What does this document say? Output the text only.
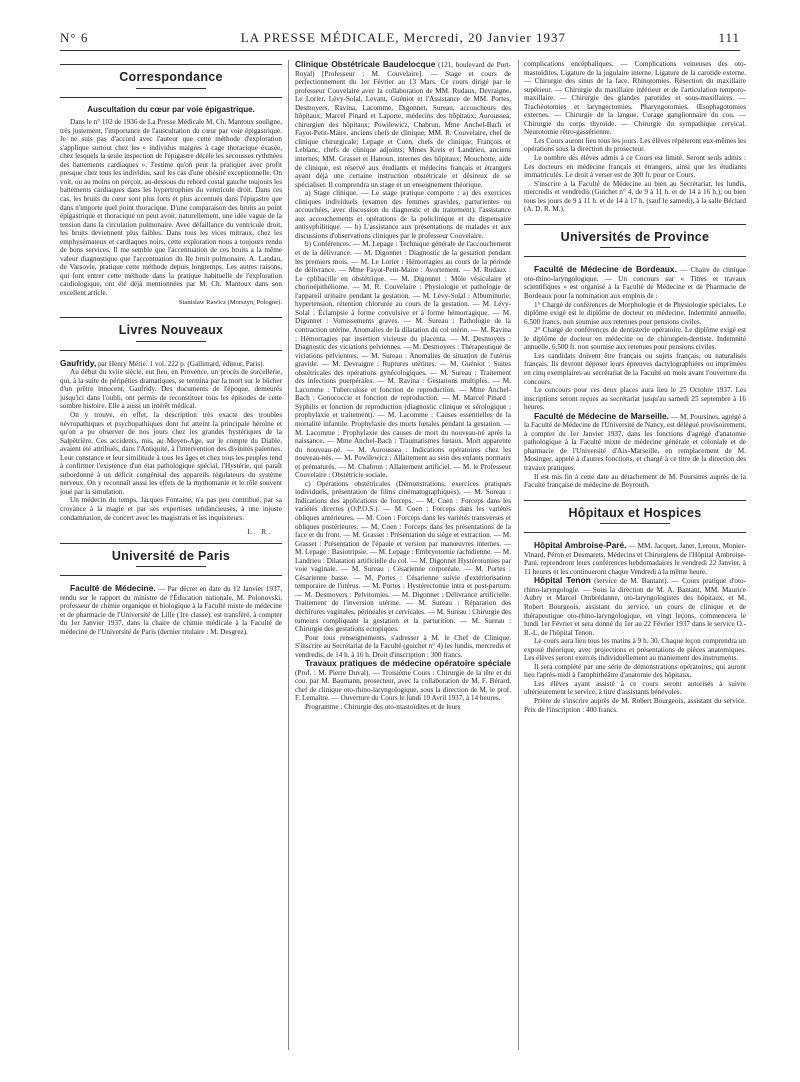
N° 6	LA PRESSE MÉDICALE, Mercredi, 20 Janvier 1937	111
Correspondance
Auscultation du cœur par voie épigastrique.

Dans le n° 102 de 1936 de La Presse Médicale M. Ch. Mantoux souligne, très justement, l'importance de l'auscultation du cœur par voie épigastrique. Je ne suis pas d'accord avec l'auteur que cette méthode d'exploration s'applique surtout chez les « individus maigres à cage thoracique évasée, chez lesquels la seule inspection de l'épigastre décèle les secousses rythmées des battements cardiaques ». J'estime qu'on peut la pratiquer avec profit presque chez tous les individus, sauf les cas d'une obésité exceptionnelle. On voit, ou au moins on perçoit, au-dessous du rebord costal gauche toujours les battements cardiaques dans les hypertrophies du ventricule droit. Dans ces cas, les bruits du cœur sont plus forts et plus accentués dans l'épigastre que dans n'importe quel point thoracique. D'une comparaison des bruits au point épigastrique et thoracique on peut avoir, naturellement, une idée vague de la tension dans la circulation pulmonaire. Avec défaillance du ventricule droit, les bruits deviennent plus faibles. Dans tous les vices mitraux, chez les emphysémateux et cardiaques noirs, cette exploration nous a toujours rendu de bons services. Il me semble que l'accentuation de ces bruits a la même valeur diagnostique que l'accentuation du IIe bruit pulmonaire. A. Landau, de Varsovie, pratique cette méthode depuis longtemps. Les autres raisons, qui font entrer cette méthode dans la pratique habituelle de l'exploration cardiologique, ont été déjà mentionnées par M. Ch. Mantoux dans son excellent article.

Stanislaw Rawicz (Morszyn, Pologne).
Livres Nouveaux

Gaufridy, par Henry Mérie. 1 vol. 222 p. (Gallimard, éditeur, Paris).

Au début du xviie siècle, eut lieu, en Provence, un procès de sorcellerie, qui, à la suite de péripéties dramatiques, se termina par la mort sur le bûcher d'un prêtre innocent, Gaufridy. Des documents de l'époque, demeurés jusqu'ici dans l'oubli, ont permis de reconstituer tous les épisodes de cette sombre histoire. Elle a aussi un intérêt médical.

On y trouve, en effet, la description très exacte des troubles névropathiques et psychopathiques dont fut atteint la principale héroïne et qu'on a pu observer de nos jours chez les grandes hystériques de la Salpêtrière. Ces accidents, mis, au Moyen-Age, sur le compte du Diable, avaient été attribués, dans l'Antiquité, à l'intervention des divinités païennes. Leur constance et leur similitude à tous les âges et chez tous les peuples tend à confirmer l'existence d'un état pathologique spécial, l'Hystérie, qui paraît subordonné à un déficit congénital des appareils régulateurs du système nerveux. On y reconnaît aussi les effets de la mythomanie et le rôle souvent joué par la simulation.

Un médecin du temps, Jacques Fontaine, n'a pas peu contribué, par sa croyance à la magie et par ses expertises tendancieuses, à une injuste condamnation, de concert avec les magistrats et les inquisiteurs.

L. R.
Université de Paris

Faculté de Médecine. — Par décret en date du 12 Janvier 1937, rendu sur le rapport du ministre de l'Éducation nationale, M. Polonovski, professeur de chimie organique et biologique à la Faculté mixte de médecine et de pharmacie de l'Université de Lille (1re classe), est transféré, à compter du 1er Janvier 1937, dans la chaire de chimie médicale à la Faculté de médecine de l'Université de Paris (dernier titulaire : M. Desgrez).

Clinique Obstétricale Baudelocque (121, boulevard de Port-Royal) [Professeur : M. Couvelaire]. — Stage et cours de perfectionnement du 1er Février au 13 Mars. Ce cours dirigé par le professeur Couvelaire avec la collaboration de MM. Rudaux, Devraigne, Le Lorier, Lévy-Solal, Levant, Guéniot et l'Assistance de MM. Portes, Desmoyers, Ravina, Lacomme, Digonnet, Sureau, accoucheurs des hôpitaux; Marcel Pinard et Laporte, médecins des hôpitaux; Auroussea, chirurgien des hôpitaux; Powilewicz, Chabrun, Mme Anchel-Bach et Fayot-Petit-Maire, anciens chefs de clinique; MM. R. Couvelaire, chef de clinique chirurgicale; Lepage et Coen, chefs de clinique; François et Leblanc, chefs de clinique adjoints; Mmes Kreis et Landrieu, anciens internes; MM. Grasset et Hanoun, internes des hôpitaux; Mouchotte, aide de clinique, est réservé aux étudiants et médecins français et étrangers ayant déjà une certaine instruction obstétricale et désireux de se spécialiser. Il comprendra un stage et un enseignement théorique.

a) Stage clinique. — Le stage pratique comporte : a) des exercices cliniques individuels (examen des femmes gravides, parturientes ou accouchées, avec discussion du diagnostic et du traitement); l'assistance aux accouchements et opérations de la policlinique et du dispensaire antisyphilitique. — b) L'assistance aux présentations de malades et aux discussions d'observations cliniques par le professeur Couvelaire.

b) Conférences. — M. Lepage : Technique générale de l'accouchement et de la délivrance. — M. Digonnet : Diagnostic de la gestation pendant les premiers mois. — M. Le Lorier : Hémorragies au cours de la période de délivrance. — Mme Fayot-Petit-Maire : Avortement. — M. Rudaux : Le cplibacille en obstétrique. — M. Digonnet : Môle vésiculaire et chorioépithéliome. — M. R. Couvelaire : Physiologie et pathologie de l'appareil urinaire pendant la gestation. — M. Lévy-Solal : Albuminurie; hypertension, rétention chlorurée au cours de la gestation. — M. Lévy-Solal : Éclampsie à forme convulsive et à forme hémorragique. — M. Digonnet : Vomissements graves. — M. Sureau : Pathologie de la contraction utérine. Anomalies de la dilatation du col utérin. — M. Ravina : Hémorragies par insertion vicieuse du placenta. — M. Desmoyers : Diagnostic des viciations pelviennes. — M. Desmoyers : Thérapeutique de viciations pelviennes. — M. Sureau : Anomalies de situation de l'utérus gravide. — M. Devraigne : Ruptures utérines. — M. Guéniot : Suites obstétricales des opérations gynécologiques. — M. Sureau : Traitement des infections puerpérales. — M. Ravina : Gestations multiples. — M. Lacomme : Tuberculose et fonction de reproduction. — Mme Anchel-Bach : Gonococcie et fonction de reproduction. — M. Marcel Pinard : Syphilis et fonction de reproduction (diagnostic clinique et sérologique ; prophylaxie et traitement). — M. Lacomme : Causes essentielles de la mortalité infantile. Prophylaxie des morts fœtales pendant la gestation. — M. Lacomme : Prophylaxie des causes de mort du nouveau-né après la naissance. — Mme Anchel-Bach : Traumatismes fœtaux. Mort apparente du nouveau-né. — M. Auroussea : Indications opératoires chez les nouveau-nés. — M. Powilewicz : Allaitement au sein des enfants normaux et prématurés. — M. Chabrun : Allaitement artificiel. — M. le Professeur Couvelaire : Obstétricie sociale.

c) Opérations obstétricales (Démonstrations, exercices pratiques individuels, présentation de films cinématographiques). — M. Sureau : Indications des applications de forceps. — M. Coen : Forceps dans les variétés directes (O.P.O.S.). — M. Coen : Forceps dans les variétés obliques antérieures. — M. Coen : Forceps dans les variétés transverses et obliques postérieures. — M. Coen : Forceps dans les présentations de la face et du front. — M. Grasset : Présentation du siège et extraction. — M. Grasset : Présentation de l'épaule et version par manœuvres internes. — M. Lepage : Basiotripsie. — M. Lepage : Embryotomie rachidienne. — M. Landrieu : Dilatation artificielle du col. — M. Digonnet Hystérotomies par voie vaginale. — M. Sureau : Césarienne corporéale. — M. Portes : Césarienne basse. — M. Portes : Césarienne suivie d'extériorisation temporaire de l'utérus. — M. Portes : Hystérectomie intra et post-partum. — M. Desmoyers : Pelvitomies. — M. Digonnet : Délivrance artificielle. Traitement de l'inversion utérine. — M. Sureau : Réparation des déchirures vaginales, périnéales et cervicales. — M. Sureau : Chirurgie des tumeurs compliquant la gestation et la parturition. — M. Sureau : Chirurgie des gestations ectopiques.

Pour tous renseignements, s'adresser à M. le Chef de Clinique. S'inscrire au Secrétariat de la Faculté (guichet n° 4) les lundis, mercredis et vendredis, de 14 h. à 16 h. Droit d'inscription : 300 francs.

Travaux pratiques de médecine opératoire spéciale (Prof. : M. Pierre Duval). — Troisième Cours : Chirurgie de la tête et du cou, par M. Baumann, prosecteur, avec la collaboration de M. F. Bérard, chef de clinique oto-rhino-laryngologique, sous la direction de M. le prof. F. Lemaître. — Ouverture du Cours le lundi 19 Avril 1937, à 14 heures.

Programme : Chirurgie des oto-mastoïdites et de leurs

complications encéphaliques. — Complications veineuses des oto-mastoïdites. Ligature de la jugulaire interne. Ligature de la carotide externe. — Chirurgie des sinus de la face. Rhinotomies. Résection du maxillaire supérieur. — Chirurgie du maxillaire inférieur et de l'articulation temporo-maxillaire. — Chirurgie des glandes parotides et sous-maxillaires. — Trachéotomies et laryngectomies. Pharyngotomies. Œsophagotomies externes. — Chirurgie de la langue. Curage ganglionnaire du cou. — Chirurgie du corps thyroïde. — Chirurgie du sympathique cervical. Neurotomie rétro-gassérienne.

Les Cours auront lieu tous les jours. Les élèves répéteront eux-mêmes les opérations sous la direction du prosecteur.

Le nombre des élèves admis à ce Cours est limité. Seront seuls admis : Les docteurs en médecine français et étrangers, ainsi que les étudiants immatriculés. Le droit à verser est de 300 fr. pour ce Cours.

S'inscrire à la Faculté de Médecine au bien au Secrétariat, les lundis, mercredis et vendredis (Guichet n° 4, de 9 à 11 h. et de 14 à 16 h.); ou bien tous les jours de 9 à 11 h. et de 14 à 17 h. (sauf le samedi), à la salle Béclard (A. D. R. M.).

Universités de Province

Faculté de Médecine de Bordeaux. — Chaire de clinique oto-rhino-laryngologique. — Un concours sur « Titres et travaux scientifiques » est organisé à la Faculté de Médecine et de Pharmacie de Bordeaux pour la nomination aux emplois de :

1° Chargé de conférences de Morphologie et de Physiologie spéciales. Le diplôme exigé est le diplôme de docteur en médecine. Indemnité annuelle, 6.500 francs, non soumise aux retenues pour pensions civiles.

2° Chargé de conférences de dentisterie opératoire. Le diplôme exigé est le diplôme de docteur en médecine ou de chirurgien-dentiste. Indemnité annuelle, 6.500 fr. non soumise aux retenues pour pensions civiles.

Les candidats doivent être français ou sujets français, ou naturalisés français. Ils devront déposer leurs épreuves dactylographiées ou imprimées en cinq exemplaires au secrétariat de la Faculté un mois avant l'ouverture du concours.

Le concours pour ces deux places aura lieu le 25 Octobre 1937. Les inscriptions seront reçues au secrétariat jusqu'au samedi 25 septembre à 16 heures.

Faculté de Médecine de Marseille. — M. Poursines, agrégé à la Faculté de Médecine de l'Université de Nancy, est délégué provisoirement, à compter du 1er Janvier 1937, dans les fonctions d'agrégé d'anatomie pathologique à la Faculté mixte de médecine générale et coloniale et de pharmacie de l'Université d'Aix-Marseille, en remplacement de M. Mosinger, appelé à d'autres fonctions, et chargé à ce titre de la direction des travaux pratiques.

Il est mis fin à cette date au détachement de M. Poursines auprès de la Faculté française de médecine de Beyrouth.

Hôpitaux et Hospices

Hôpital Ambroise-Paré. — MM. Jacquet, Janet, Leroux, Monier-Vinard, Péron et Desmarets, Médecins et Chirurgiens de l'Hôpital Ambroise-Paré, reprendront leurs conférences hebdomadaires le vendredi 22 Janvier, à 11 heures et les continueront chaque Vendredi à la même heure.

Hôpital Tenon (service de M. Bantant). — Cours pratique d'oto-rhino-laryngologie. — Sous la direction de M. A. Bantant, MM. Maurice Aubry et Marcel Ombrédanne, oto-laryngologistes des hôpitaux, et M. Robert Bourgeois, assistant du service, un cours de clinique et de thérapeutique oto-rhino-laryngologique, en vingt leçons, commencera le lundi 1er Février et sera donné du 1er au 22 Février 1937 dans le service O.-R.-L. de l'hôpital Tenon.

Le cours aura lieu tous les matins à 9 h. 30. Chaque leçon comprendra un exposé théorique, avec projections et présentations de pièces anatomiques. Les élèves seront exercés individuellement au maniement des instruments.

Il sera complété par une série de démonstrations opératoires, qui auront lieu l'après-midi à l'amphithéâtre d'anatomie des hôpitaux.

Les élèves ayant assisté à ce cours seront autorisés à suivre ultérieurement le service, à titre d'assistants bénévoles.

Prière de s'inscrire auprès de M. Robert Bourgeois, assistant du service. Prix de l'inscription : 400 francs.
